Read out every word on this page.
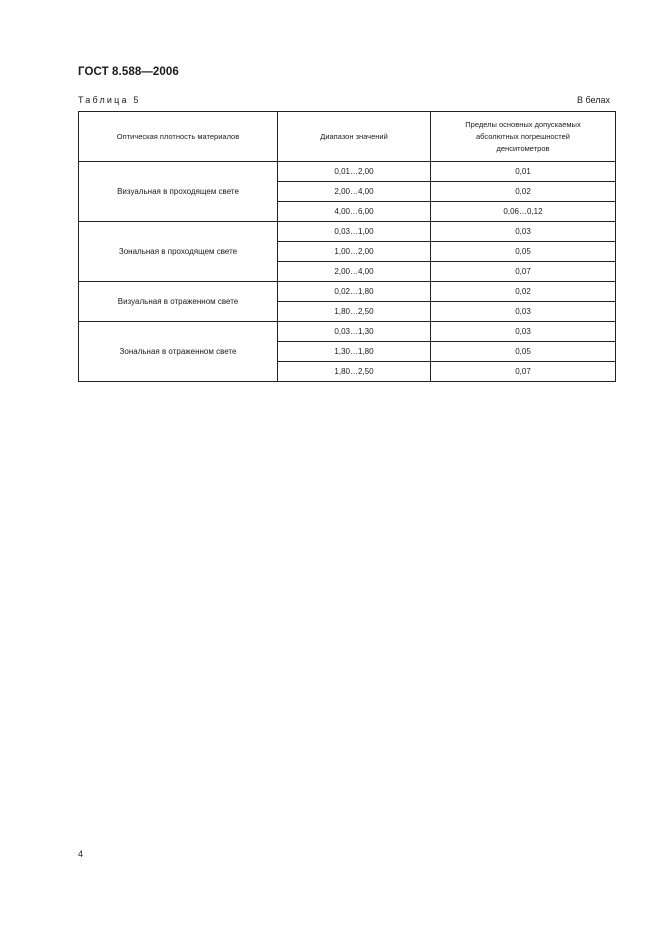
ГОСТ 8.588—2006
Таблица 5	В белах
Оптическая плотность материалов	Диапазон значений	Пределы основных допускаемых абсолютных погрешностей денситометров
Визуальная в проходящем свете	0,01…2,00	0,01
	2,00…4,00	0,02
	4,00…6,00	0,06…0,12
Зональная в проходящем свете	0,03…1,00	0,03
	1,00…2,00	0,05
	2,00…4,00	0,07
Визуальная в отраженном свете	0,02…1,80	0,02
	1,80…2,50	0,03
Зональная в отраженном свете	0,03…1,30	0,03
	1,30…1,80	0,05
	1,80…2,50	0,07
4
